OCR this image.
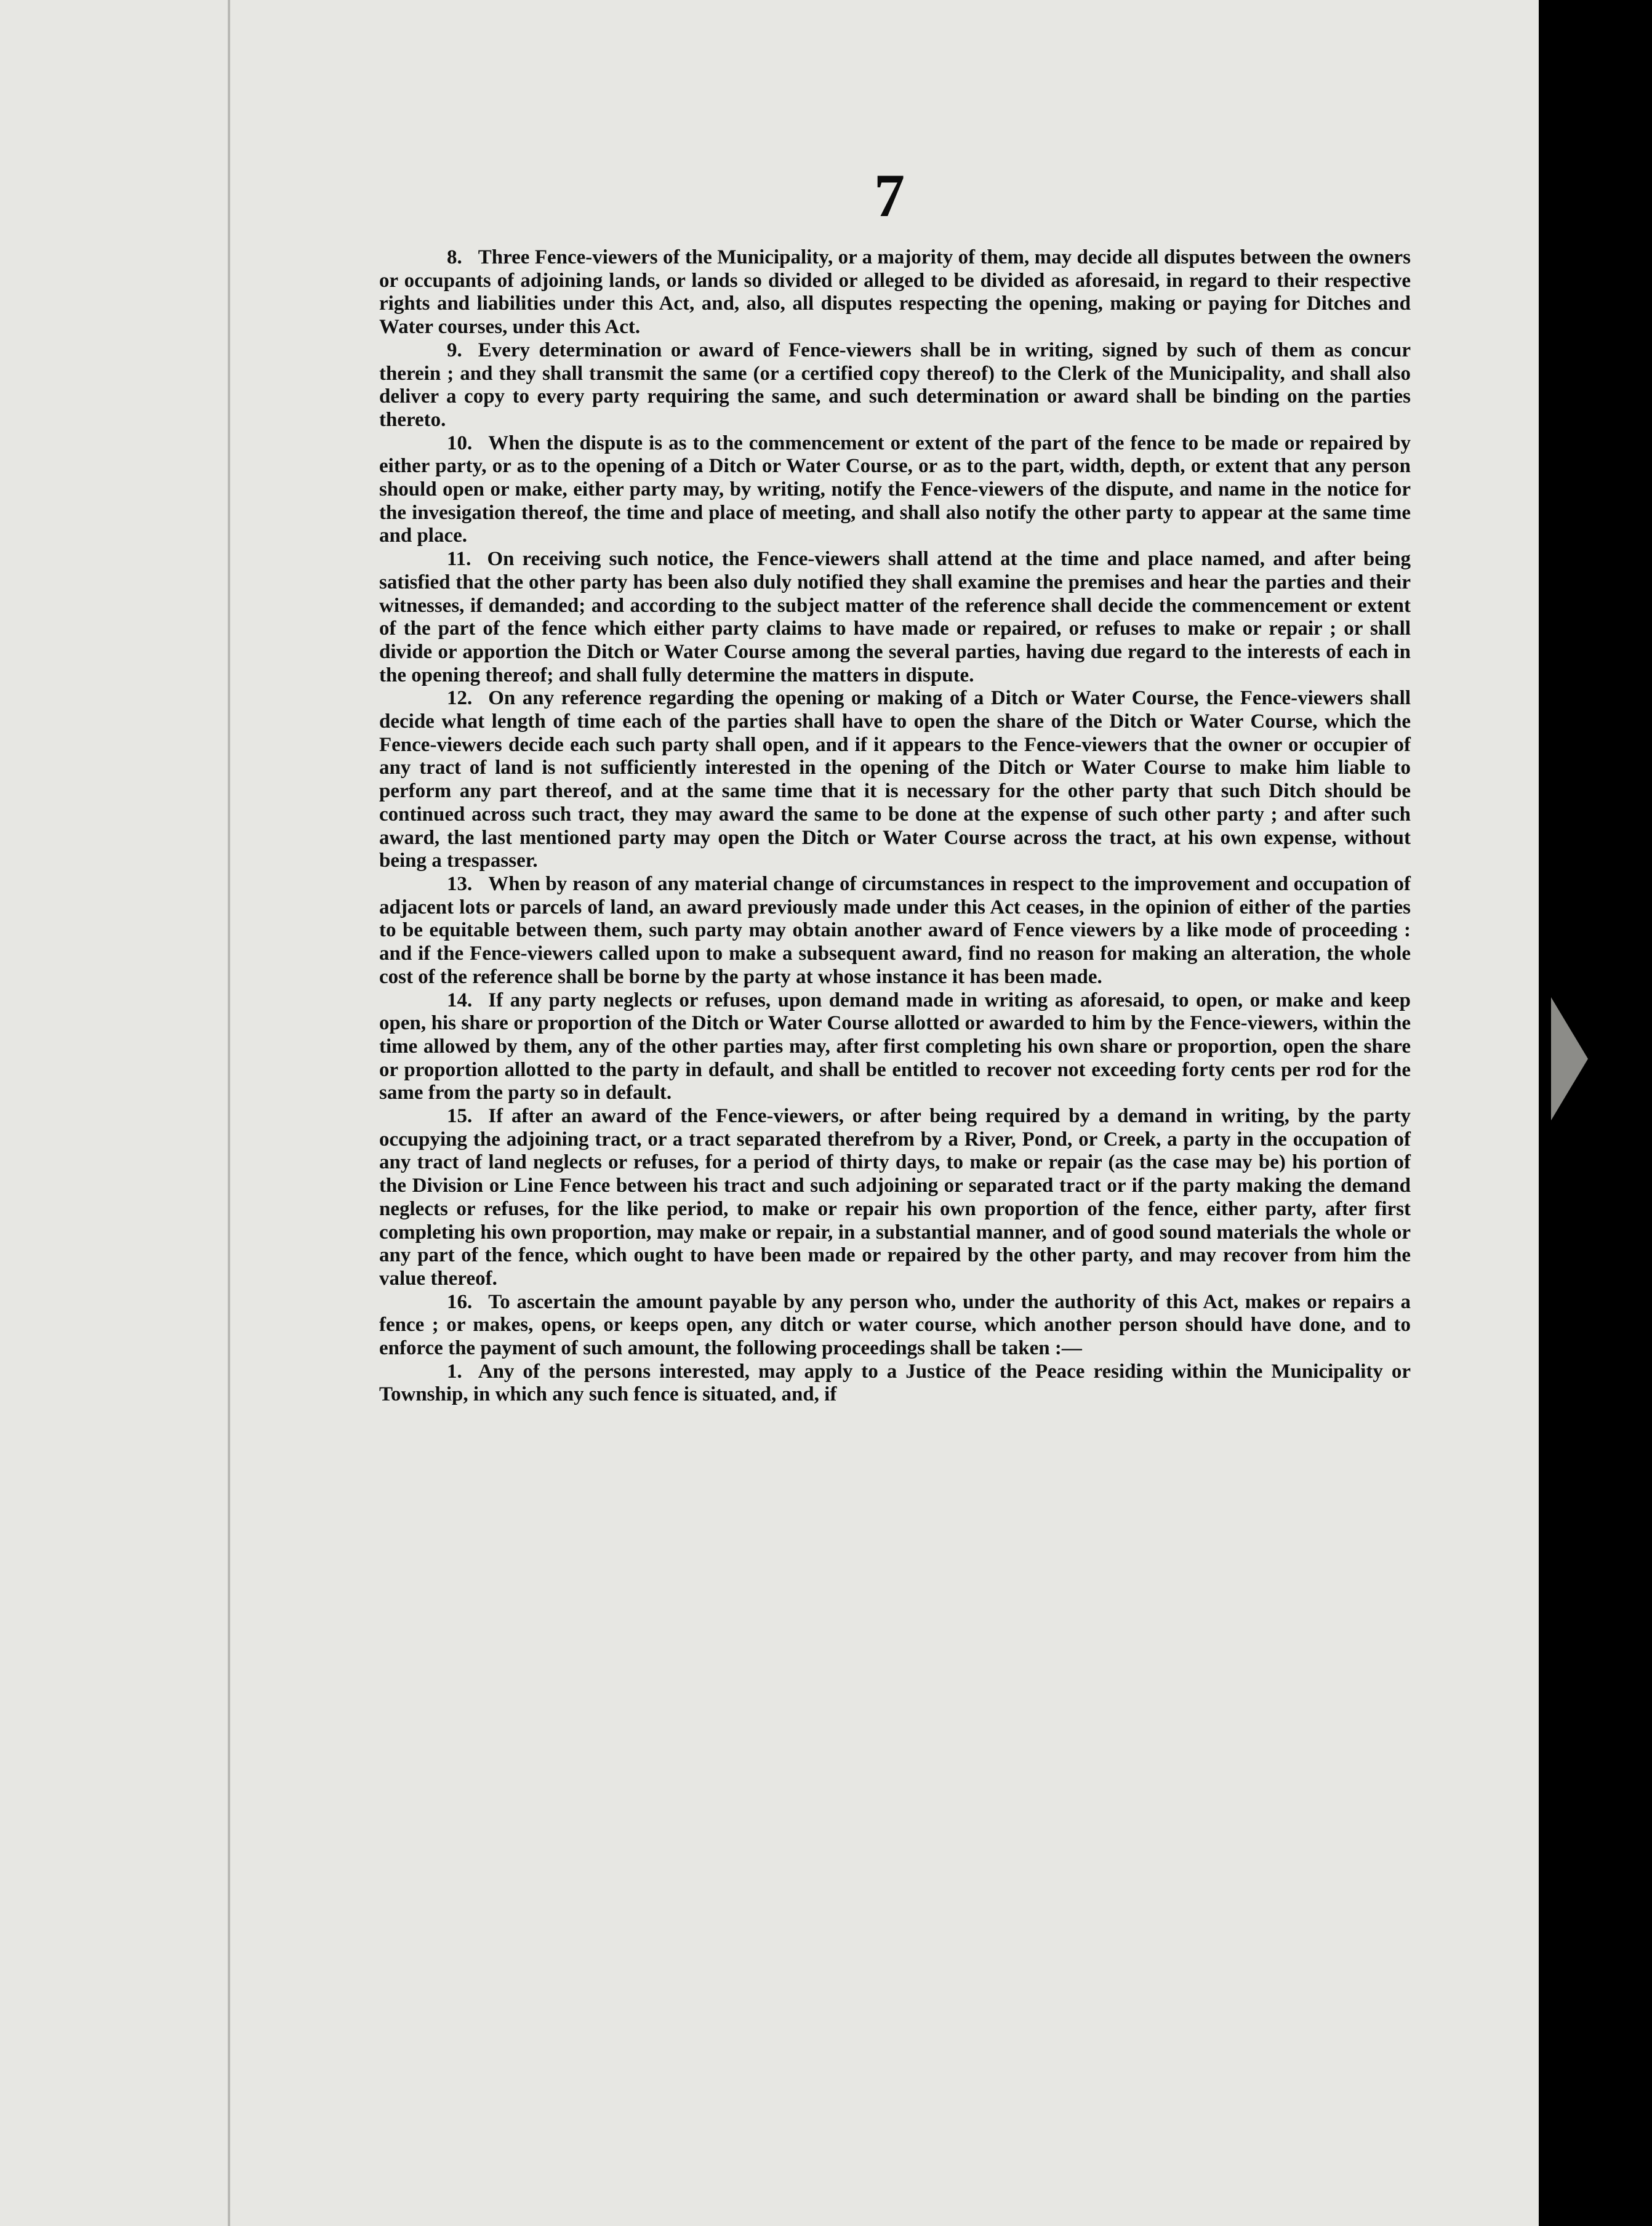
7

8. Three Fence-viewers of the Municipality, or a majority of them, may decide all disputes between the owners or occupants of adjoining lands, or lands so divided or alleged to be divided as aforesaid, in regard to their respective rights and liabilities under this Act, and, also, all disputes respecting the opening, making or paying for Ditches and Water courses, under this Act.

9. Every determination or award of Fence-viewers shall be in writing, signed by such of them as concur therein ; and they shall transmit the same (or a certified copy thereof) to the Clerk of the Municipality, and shall also deliver a copy to every party requiring the same, and such determination or award shall be binding on the parties thereto.

10. When the dispute is as to the commencement or extent of the part of the fence to be made or repaired by either party, or as to the opening of a Ditch or Water Course, or as to the part, width, depth, or extent that any person should open or make, either party may, by writing, notify the Fence-viewers of the dispute, and name in the notice for the invesigation thereof, the time and place of meeting, and shall also notify the other party to appear at the same time and place.

11. On receiving such notice, the Fence-viewers shall attend at the time and place named, and after being satisfied that the other party has been also duly notified they shall examine the premises and hear the parties and their witnesses, if demanded; and according to the subject matter of the reference shall decide the commencement or extent of the part of the fence which either party claims to have made or repaired, or refuses to make or repair ; or shall divide or apportion the Ditch or Water Course among the several parties, having due regard to the interests of each in the opening thereof; and shall fully determine the matters in dispute.

12. On any reference regarding the opening or making of a Ditch or Water Course, the Fence-viewers shall decide what length of time each of the parties shall have to open the share of the Ditch or Water Course, which the Fence-viewers decide each such party shall open, and if it appears to the Fence-viewers that the owner or occupier of any tract of land is not sufficiently interested in the opening of the Ditch or Water Course to make him liable to perform any part thereof, and at the same time that it is necessary for the other party that such Ditch should be continued across such tract, they may award the same to be done at the expense of such other party ; and after such award, the last mentioned party may open the Ditch or Water Course across the tract, at his own expense, without being a trespasser.

13. When by reason of any material change of circumstances in respect to the improvement and occupation of adjacent lots or parcels of land, an award previously made under this Act ceases, in the opinion of either of the parties to be equitable between them, such party may obtain another award of Fence viewers by a like mode of proceeding : and if the Fence-viewers called upon to make a subsequent award, find no reason for making an alteration, the whole cost of the reference shall be borne by the party at whose instance it has been made.

14. If any party neglects or refuses, upon demand made in writing as aforesaid, to open, or make and keep open, his share or proportion of the Ditch or Water Course allotted or awarded to him by the Fence-viewers, within the time allowed by them, any of the other parties may, after first completing his own share or proportion, open the share or proportion allotted to the party in default, and shall be entitled to recover not exceeding forty cents per rod for the same from the party so in default.

15. If after an award of the Fence-viewers, or after being required by a demand in writing, by the party occupying the adjoining tract, or a tract separated therefrom by a River, Pond, or Creek, a party in the occupation of any tract of land neglects or refuses, for a period of thirty days, to make or repair (as the case may be) his portion of the Division or Line Fence between his tract and such adjoining or separated tract or if the party making the demand neglects or refuses, for the like period, to make or repair his own proportion of the fence, either party, after first completing his own proportion, may make or repair, in a substantial manner, and of good sound materials the whole or any part of the fence, which ought to have been made or repaired by the other party, and may recover from him the value thereof.

16. To ascertain the amount payable by any person who, under the authority of this Act, makes or repairs a fence ; or makes, opens, or keeps open, any ditch or water course, which another person should have done, and to enforce the payment of such amount, the following proceedings shall be taken :—

1. Any of the persons interested, may apply to a Justice of the Peace residing within the Municipality or Township, in which any such fence is situated, and, if
